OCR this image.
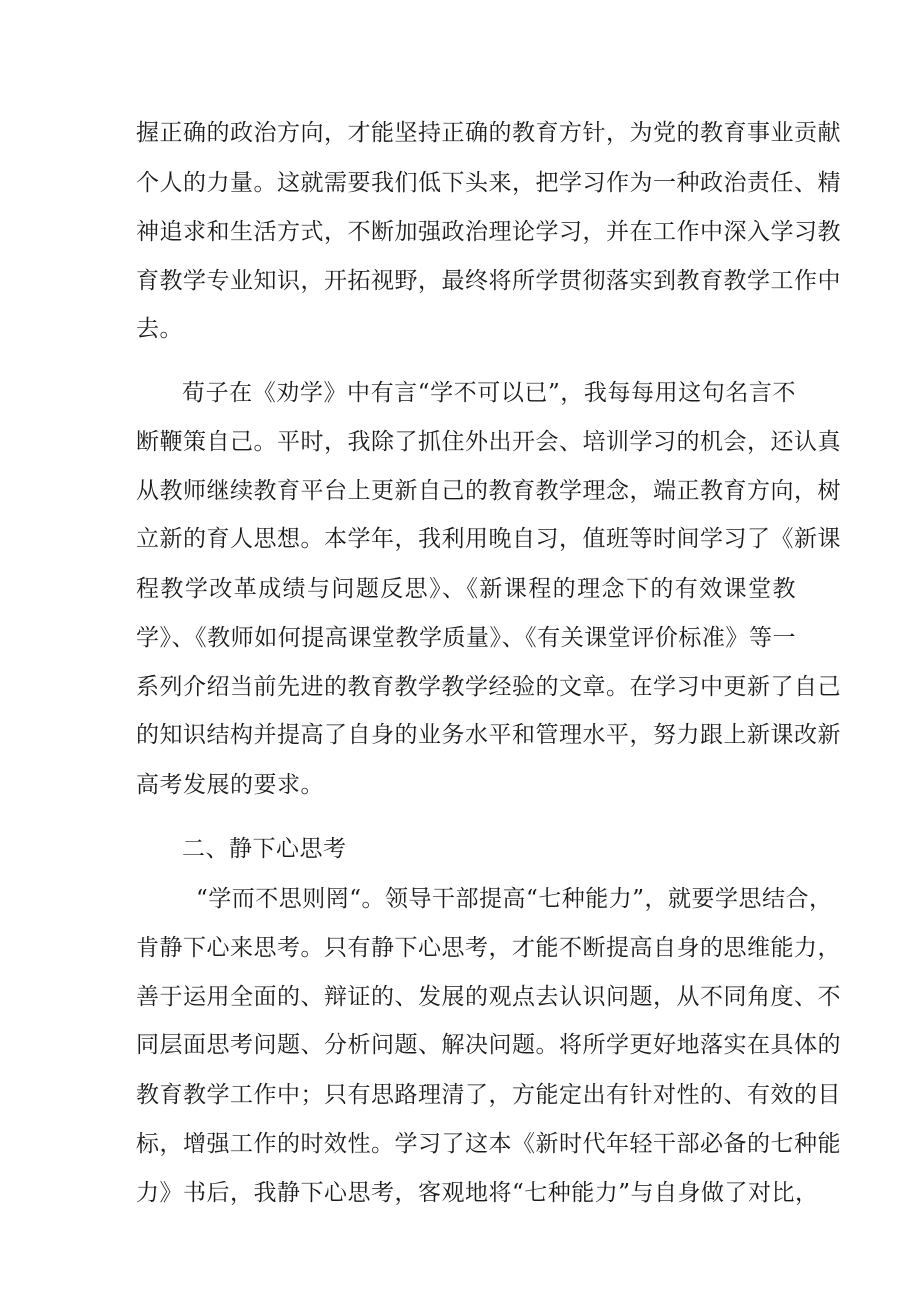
握正确的政治方向，才能坚持正确的教育方针，为党的教育事业贡献
个人的力量。这就需要我们低下头来，把学习作为一种政治责任、精
神追求和生活方式，不断加强政治理论学习，并在工作中深入学习教
育教学专业知识，开拓视野，最终将所学贯彻落实到教育教学工作中
去。
荀子在《劝学》中有言“学不可以已”，我每每用这句名言不
断鞭策自己。平时，我除了抓住外出开会、培训学习的机会，还认真
从教师继续教育平台上更新自己的教育教学理念，端正教育方向，树
立新的育人思想。本学年，我利用晚自习，值班等时间学习了《新课
程教学改革成绩与问题反思》、《新课程的理念下的有效课堂教
学》、《教师如何提高课堂教学质量》、《有关课堂评价标准》等一
系列介绍当前先进的教育教学教学经验的文章。在学习中更新了自己
的知识结构并提高了自身的业务水平和管理水平，努力跟上新课改新
高考发展的要求。
二、静下心思考
“学而不思则罔“。领导干部提高“七种能力”，就要学思结合，
肯静下心来思考。只有静下心思考，才能不断提高自身的思维能力，
善于运用全面的、辩证的、发展的观点去认识问题，从不同角度、不
同层面思考问题、分析问题、解决问题。将所学更好地落实在具体的
教育教学工作中；只有思路理清了，方能定出有针对性的、有效的目
标，增强工作的时效性。学习了这本《新时代年轻干部必备的七种能
力》书后，我静下心思考，客观地将“七种能力”与自身做了对比，
